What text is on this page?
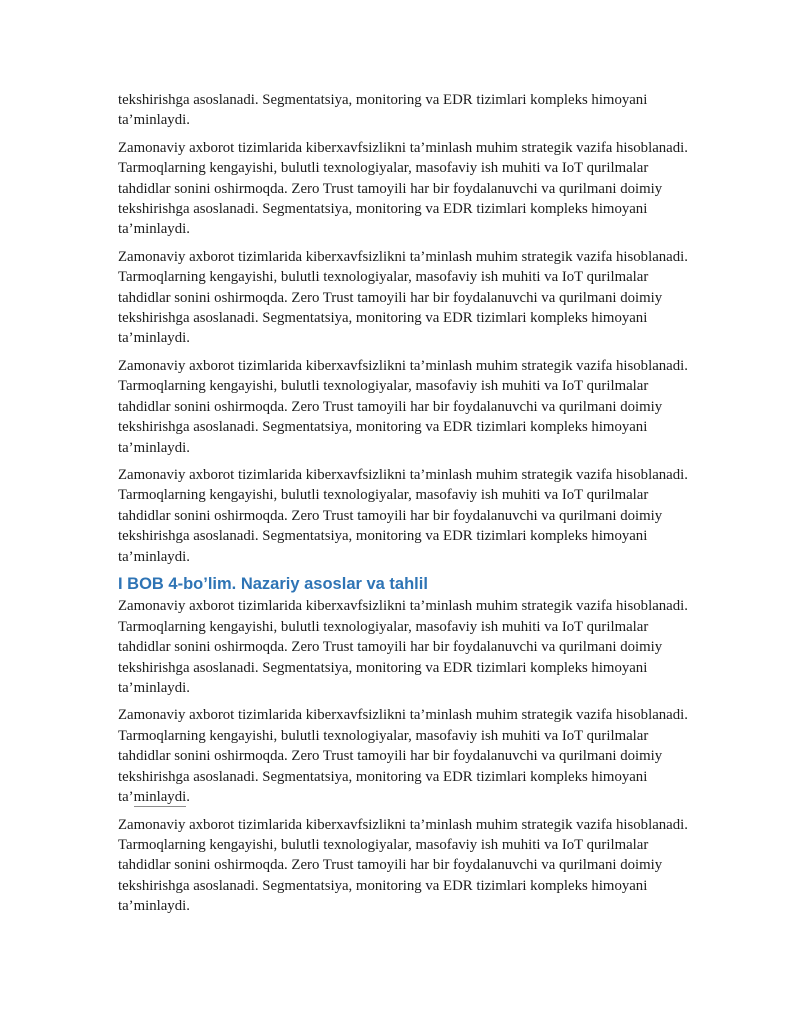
tekshirishga asoslanadi. Segmentatsiya, monitoring va EDR tizimlari kompleks himoyani ta’minlaydi.

Zamonaviy axborot tizimlarida kiberxavfsizlikni ta’minlash muhim strategik vazifa hisoblanadi. Tarmoqlarning kengayishi, bulutli texnologiyalar, masofaviy ish muhiti va IoT qurilmalar tahdidlar sonini oshirmoqda. Zero Trust tamoyili har bir foydalanuvchi va qurilmani doimiy tekshirishga asoslanadi. Segmentatsiya, monitoring va EDR tizimlari kompleks himoyani ta’minlaydi.

Zamonaviy axborot tizimlarida kiberxavfsizlikni ta’minlash muhim strategik vazifa hisoblanadi. Tarmoqlarning kengayishi, bulutli texnologiyalar, masofaviy ish muhiti va IoT qurilmalar tahdidlar sonini oshirmoqda. Zero Trust tamoyili har bir foydalanuvchi va qurilmani doimiy tekshirishga asoslanadi. Segmentatsiya, monitoring va EDR tizimlari kompleks himoyani ta’minlaydi.

Zamonaviy axborot tizimlarida kiberxavfsizlikni ta’minlash muhim strategik vazifa hisoblanadi. Tarmoqlarning kengayishi, bulutli texnologiyalar, masofaviy ish muhiti va IoT qurilmalar tahdidlar sonini oshirmoqda. Zero Trust tamoyili har bir foydalanuvchi va qurilmani doimiy tekshirishga asoslanadi. Segmentatsiya, monitoring va EDR tizimlari kompleks himoyani ta’minlaydi.

Zamonaviy axborot tizimlarida kiberxavfsizlikni ta’minlash muhim strategik vazifa hisoblanadi. Tarmoqlarning kengayishi, bulutli texnologiyalar, masofaviy ish muhiti va IoT qurilmalar tahdidlar sonini oshirmoqda. Zero Trust tamoyili har bir foydalanuvchi va qurilmani doimiy tekshirishga asoslanadi. Segmentatsiya, monitoring va EDR tizimlari kompleks himoyani ta’minlaydi.

I BOB 4-bo’lim. Nazariy asoslar va tahlil

Zamonaviy axborot tizimlarida kiberxavfsizlikni ta’minlash muhim strategik vazifa hisoblanadi. Tarmoqlarning kengayishi, bulutli texnologiyalar, masofaviy ish muhiti va IoT qurilmalar tahdidlar sonini oshirmoqda. Zero Trust tamoyili har bir foydalanuvchi va qurilmani doimiy tekshirishga asoslanadi. Segmentatsiya, monitoring va EDR tizimlari kompleks himoyani ta’minlaydi.

Zamonaviy axborot tizimlarida kiberxavfsizlikni ta’minlash muhim strategik vazifa hisoblanadi. Tarmoqlarning kengayishi, bulutli texnologiyalar, masofaviy ish muhiti va IoT qurilmalar tahdidlar sonini oshirmoqda. Zero Trust tamoyili har bir foydalanuvchi va qurilmani doimiy tekshirishga asoslanadi. Segmentatsiya, monitoring va EDR tizimlari kompleks himoyani ta’minlaydi.

Zamonaviy axborot tizimlarida kiberxavfsizlikni ta’minlash muhim strategik vazifa hisoblanadi. Tarmoqlarning kengayishi, bulutli texnologiyalar, masofaviy ish muhiti va IoT qurilmalar tahdidlar sonini oshirmoqda. Zero Trust tamoyili har bir foydalanuvchi va qurilmani doimiy tekshirishga asoslanadi. Segmentatsiya, monitoring va EDR tizimlari kompleks himoyani ta’minlaydi.
